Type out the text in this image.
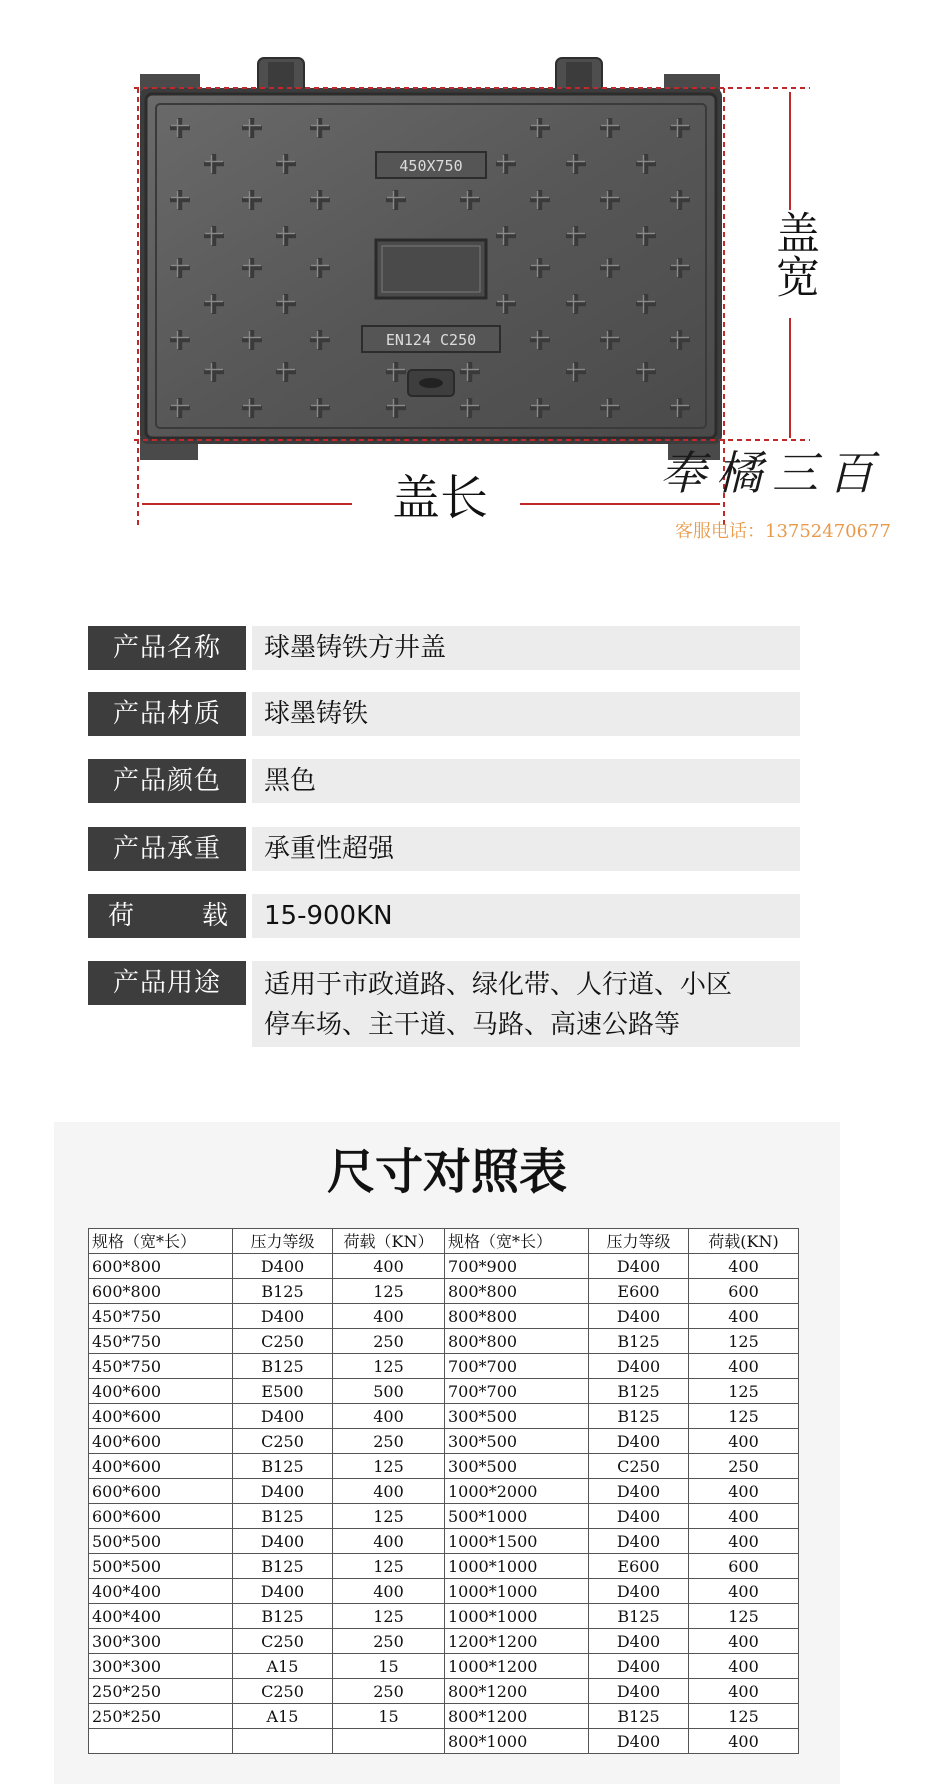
450X750
EN124 C250
盖宽
盖长	奉橘三百
客服电话：13752470677
产品名称	球墨铸铁方井盖
产品材质	球墨铸铁
产品颜色	黑色
产品承重	承重性超强
荷	载	15-900KN
产品用途	适用于市政道路、绿化带、人行道、小区
停车场、主干道、马路、高速公路等
尺寸对照表
规格（宽*长）	压力等级	荷载（KN）	规格（宽*长）	压力等级	荷载(KN)
600*800	D400	400	700*900	D400	400
600*800	B125	125	800*800	E600	600
450*750	D400	400	800*800	D400	400
450*750	C250	250	800*800	B125	125
450*750	B125	125	700*700	D400	400
400*600	E500	500	700*700	B125	125
400*600	D400	400	300*500	B125	125
400*600	C250	250	300*500	D400	400
400*600	B125	125	300*500	C250	250
600*600	D400	400	1000*2000	D400	400
600*600	B125	125	500*1000	D400	400
500*500	D400	400	1000*1500	D400	400
500*500	B125	125	1000*1000	E600	600
400*400	D400	400	1000*1000	D400	400
400*400	B125	125	1000*1000	B125	125
300*300	C250	250	1200*1200	D400	400
300*300	A15	15	1000*1200	D400	400
250*250	C250	250	800*1200	D400	400
250*250	A15	15	800*1200	B125	125
			800*1000	D400	400
